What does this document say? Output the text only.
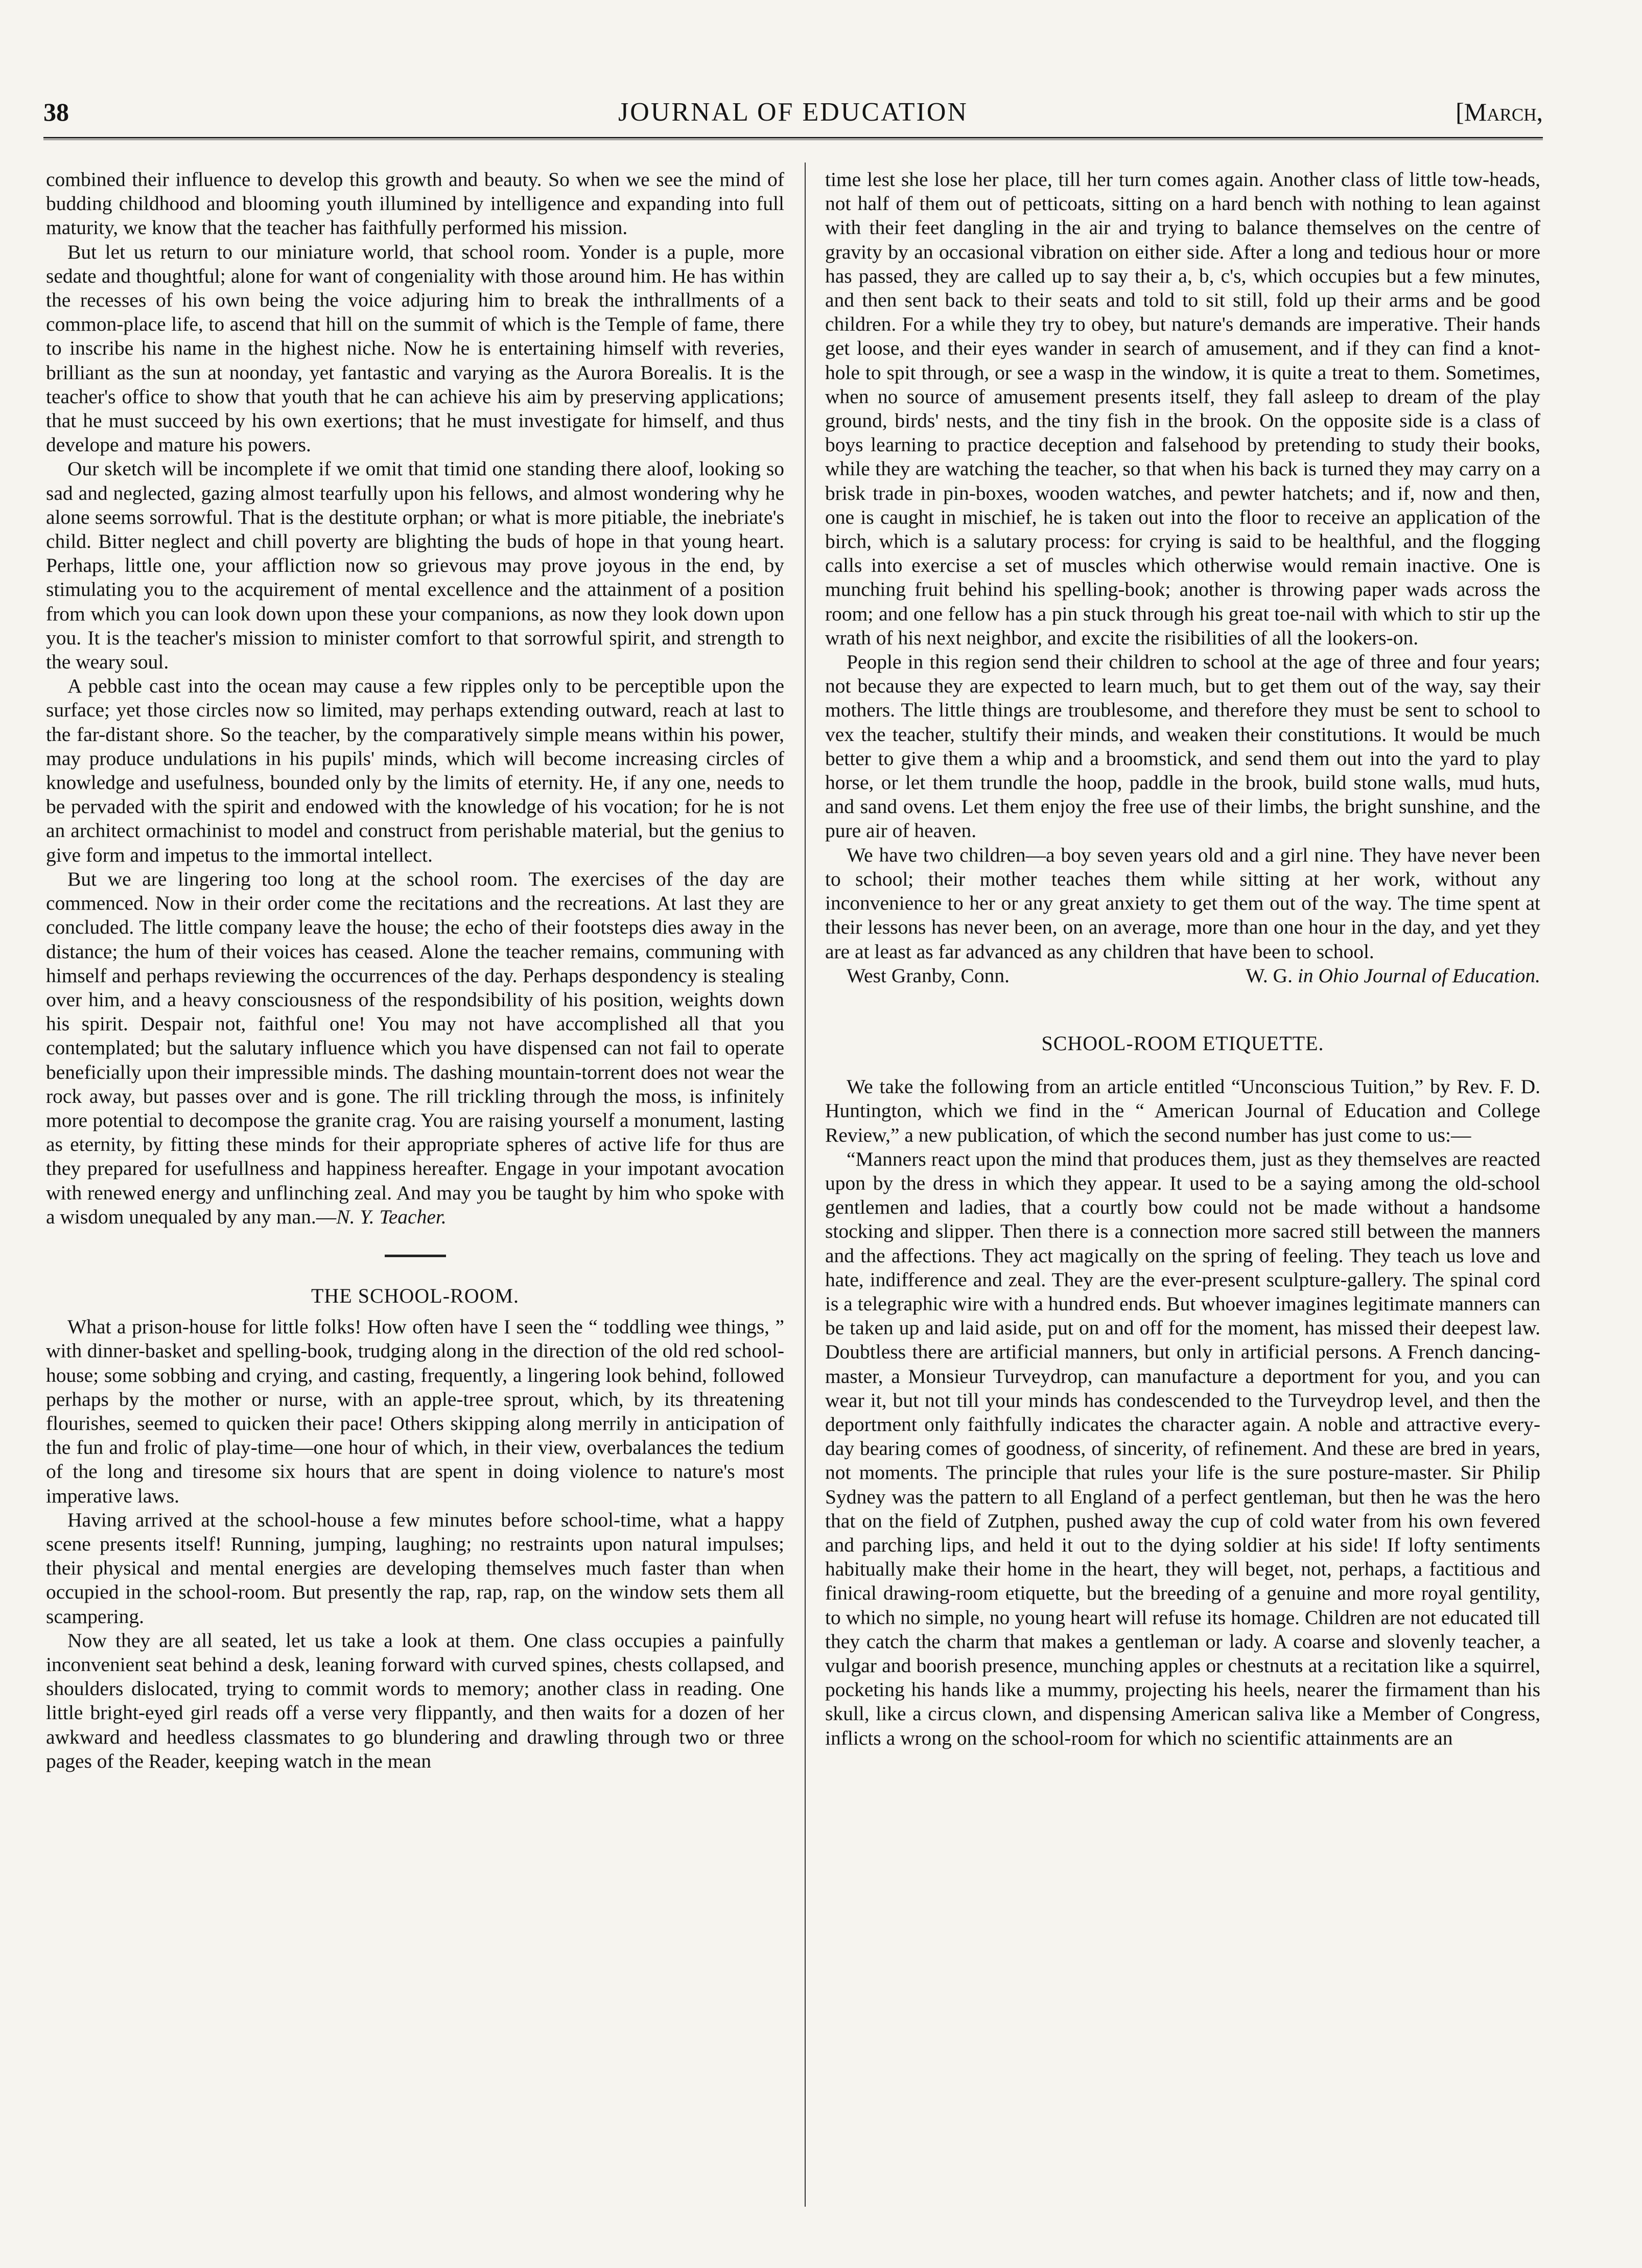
38	JOURNAL OF EDUCATION	[March,

combined their influence to develop this growth and beauty. So when we see the mind of budding childhood and blooming youth illumined by intelligence and expanding into full maturity, we know that the teacher has faithfully performed his mission.

But let us return to our miniature world, that school room. Yonder is a puple, more sedate and thoughtful; alone for want of congeniality with those around him. He has within the recesses of his own being the voice adjuring him to break the inthrallments of a common-place life, to ascend that hill on the summit of which is the Temple of fame, there to inscribe his name in the highest niche. Now he is entertaining himself with reveries, brilliant as the sun at noonday, yet fantastic and varying as the Aurora Borealis. It is the teacher's office to show that youth that he can achieve his aim by preserving applications; that he must succeed by his own exertions; that he must investigate for himself, and thus develope and mature his powers.

Our sketch will be incomplete if we omit that timid one standing there aloof, looking so sad and neglected, gazing almost tearfully upon his fellows, and almost wondering why he alone seems sorrowful. That is the destitute orphan; or what is more pitiable, the inebriate's child. Bitter neglect and chill poverty are blighting the buds of hope in that young heart. Perhaps, little one, your affliction now so grievous may prove joyous in the end, by stimulating you to the acquirement of mental excellence and the attainment of a position from which you can look down upon these your companions, as now they look down upon you. It is the teacher's mission to minister comfort to that sorrowful spirit, and strength to the weary soul.

A pebble cast into the ocean may cause a few ripples only to be perceptible upon the surface; yet those circles now so limited, may perhaps extending outward, reach at last to the far-distant shore. So the teacher, by the comparatively simple means within his power, may produce undulations in his pupils' minds, which will become increasing circles of knowledge and usefulness, bounded only by the limits of eternity. He, if any one, needs to be pervaded with the spirit and endowed with the knowledge of his vocation; for he is not an architect ormachinist to model and construct from perishable material, but the genius to give form and impetus to the immortal intellect.

But we are lingering too long at the school room. The exercises of the day are commenced. Now in their order come the recitations and the recreations. At last they are concluded. The little company leave the house; the echo of their footsteps dies away in the distance; the hum of their voices has ceased. Alone the teacher remains, communing with himself and perhaps reviewing the occurrences of the day. Perhaps despondency is stealing over him, and a heavy consciousness of the respondsibility of his position, weights down his spirit. Despair not, faithful one! You may not have accomplished all that you contemplated; but the salutary influence which you have dispensed can not fail to operate beneficially upon their impressible minds. The dashing mountain-torrent does not wear the rock away, but passes over and is gone. The rill trickling through the moss, is infinitely more potential to decompose the granite crag. You are raising yourself a monument, lasting as eternity, by fitting these minds for their appropriate spheres of active life for thus are they prepared for usefullness and happiness hereafter. Engage in your impotant avocation with renewed energy and unflinching zeal. And may you be taught by him who spoke with a wisdom unequaled by any man.—N. Y. Teacher.

THE SCHOOL-ROOM.

What a prison-house for little folks! How often have I seen the “ toddling wee things, ” with dinner-basket and spelling-book, trudging along in the direction of the old red school-house; some sobbing and crying, and casting, frequently, a lingering look behind, followed perhaps by the mother or nurse, with an apple-tree sprout, which, by its threatening flourishes, seemed to quicken their pace! Others skipping along merrily in anticipation of the fun and frolic of play-time—one hour of which, in their view, overbalances the tedium of the long and tiresome six hours that are spent in doing violence to nature's most imperative laws.

Having arrived at the school-house a few minutes before school-time, what a happy scene presents itself! Running, jumping, laughing; no restraints upon natural impulses; their physical and mental energies are developing themselves much faster than when occupied in the school-room. But presently the rap, rap, rap, on the window sets them all scampering.

Now they are all seated, let us take a look at them. One class occupies a painfully inconvenient seat behind a desk, leaning forward with curved spines, chests collapsed, and shoulders dislocated, trying to commit words to memory; another class in reading. One little bright-eyed girl reads off a verse very flippantly, and then waits for a dozen of her awkward and heedless classmates to go blundering and drawling through two or three pages of the Reader, keeping watch in the mean

time lest she lose her place, till her turn comes again. Another class of little tow-heads, not half of them out of petticoats, sitting on a hard bench with nothing to lean against with their feet dangling in the air and trying to balance themselves on the centre of gravity by an occasional vibration on either side. After a long and tedious hour or more has passed, they are called up to say their a, b, c's, which occupies but a few minutes, and then sent back to their seats and told to sit still, fold up their arms and be good children. For a while they try to obey, but nature's demands are imperative. Their hands get loose, and their eyes wander in search of amusement, and if they can find a knot-hole to spit through, or see a wasp in the window, it is quite a treat to them. Sometimes, when no source of amusement presents itself, they fall asleep to dream of the play ground, birds' nests, and the tiny fish in the brook. On the opposite side is a class of boys learning to practice deception and falsehood by pretending to study their books, while they are watching the teacher, so that when his back is turned they may carry on a brisk trade in pin-boxes, wooden watches, and pewter hatchets; and if, now and then, one is caught in mischief, he is taken out into the floor to receive an application of the birch, which is a salutary process: for crying is said to be healthful, and the flogging calls into exercise a set of muscles which otherwise would remain inactive. One is munching fruit behind his spelling-book; another is throwing paper wads across the room; and one fellow has a pin stuck through his great toe-nail with which to stir up the wrath of his next neighbor, and excite the risibilities of all the lookers-on.

People in this region send their children to school at the age of three and four years; not because they are expected to learn much, but to get them out of the way, say their mothers. The little things are troublesome, and therefore they must be sent to school to vex the teacher, stultify their minds, and weaken their constitutions. It would be much better to give them a whip and a broomstick, and send them out into the yard to play horse, or let them trundle the hoop, paddle in the brook, build stone walls, mud huts, and sand ovens. Let them enjoy the free use of their limbs, the bright sunshine, and the pure air of heaven.

We have two children—a boy seven years old and a girl nine. They have never been to school; their mother teaches them while sitting at her work, without any inconvenience to her or any great anxiety to get them out of the way. The time spent at their lessons has never been, on an average, more than one hour in the day, and yet they are at least as far advanced as any children that have been to school.

West Granby, Conn.	W. G. in Ohio Journal of Education.
SCHOOL-ROOM ETIQUETTE.

We take the following from an article entitled “Unconscious Tuition,” by Rev. F. D. Huntington, which we find in the “ American Journal of Education and College Review,” a new publication, of which the second number has just come to us:—

“Manners react upon the mind that produces them, just as they themselves are reacted upon by the dress in which they appear. It used to be a saying among the old-school gentlemen and ladies, that a courtly bow could not be made without a handsome stocking and slipper. Then there is a connection more sacred still between the manners and the affections. They act magically on the spring of feeling. They teach us love and hate, indifference and zeal. They are the ever-present sculpture-gallery. The spinal cord is a telegraphic wire with a hundred ends. But whoever imagines legitimate manners can be taken up and laid aside, put on and off for the moment, has missed their deepest law. Doubtless there are artificial manners, but only in artificial persons. A French dancing-master, a Monsieur Turveydrop, can manufacture a deportment for you, and you can wear it, but not till your minds has condescended to the Turveydrop level, and then the deportment only faithfully indicates the character again. A noble and attractive every-day bearing comes of goodness, of sincerity, of refinement. And these are bred in years, not moments. The principle that rules your life is the sure posture-master. Sir Philip Sydney was the pattern to all England of a perfect gentleman, but then he was the hero that on the field of Zutphen, pushed away the cup of cold water from his own fevered and parching lips, and held it out to the dying soldier at his side! If lofty sentiments habitually make their home in the heart, they will beget, not, perhaps, a factitious and finical drawing-room etiquette, but the breeding of a genuine and more royal gentility, to which no simple, no young heart will refuse its homage. Children are not educated till they catch the charm that makes a gentleman or lady. A coarse and slovenly teacher, a vulgar and boorish presence, munching apples or chestnuts at a recitation like a squirrel, pocketing his hands like a mummy, projecting his heels, nearer the firmament than his skull, like a circus clown, and dispensing American saliva like a Member of Congress, inflicts a wrong on the school-room for which no scientific attainments are an
